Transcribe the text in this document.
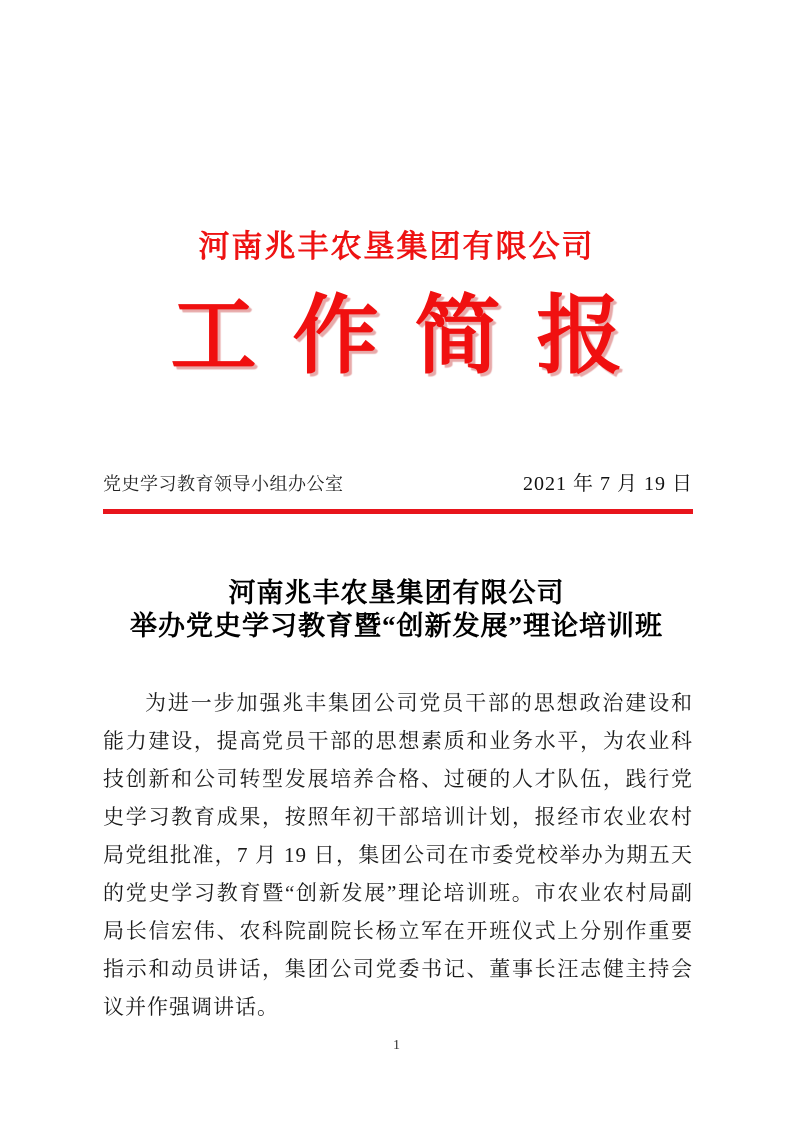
河南兆丰农垦集团有限公司
工 作 简 报
党史学习教育领导小组办公室	2021 年 7 月 19 日
河南兆丰农垦集团有限公司
举办党史学习教育暨“创新发展”理论培训班
为进一步加强兆丰集团公司党员干部的思想政治建设和能力建设，提高党员干部的思想素质和业务水平，为农业科技创新和公司转型发展培养合格、过硬的人才队伍，践行党史学习教育成果，按照年初干部培训计划，报经市农业农村局党组批准，7 月 19 日，集团公司在市委党校举办为期五天的党史学习教育暨“创新发展”理论培训班。市农业农村局副局长信宏伟、农科院副院长杨立军在开班仪式上分别作重要指示和动员讲话，集团公司党委书记、董事长汪志健主持会议并作强调讲话。
1
